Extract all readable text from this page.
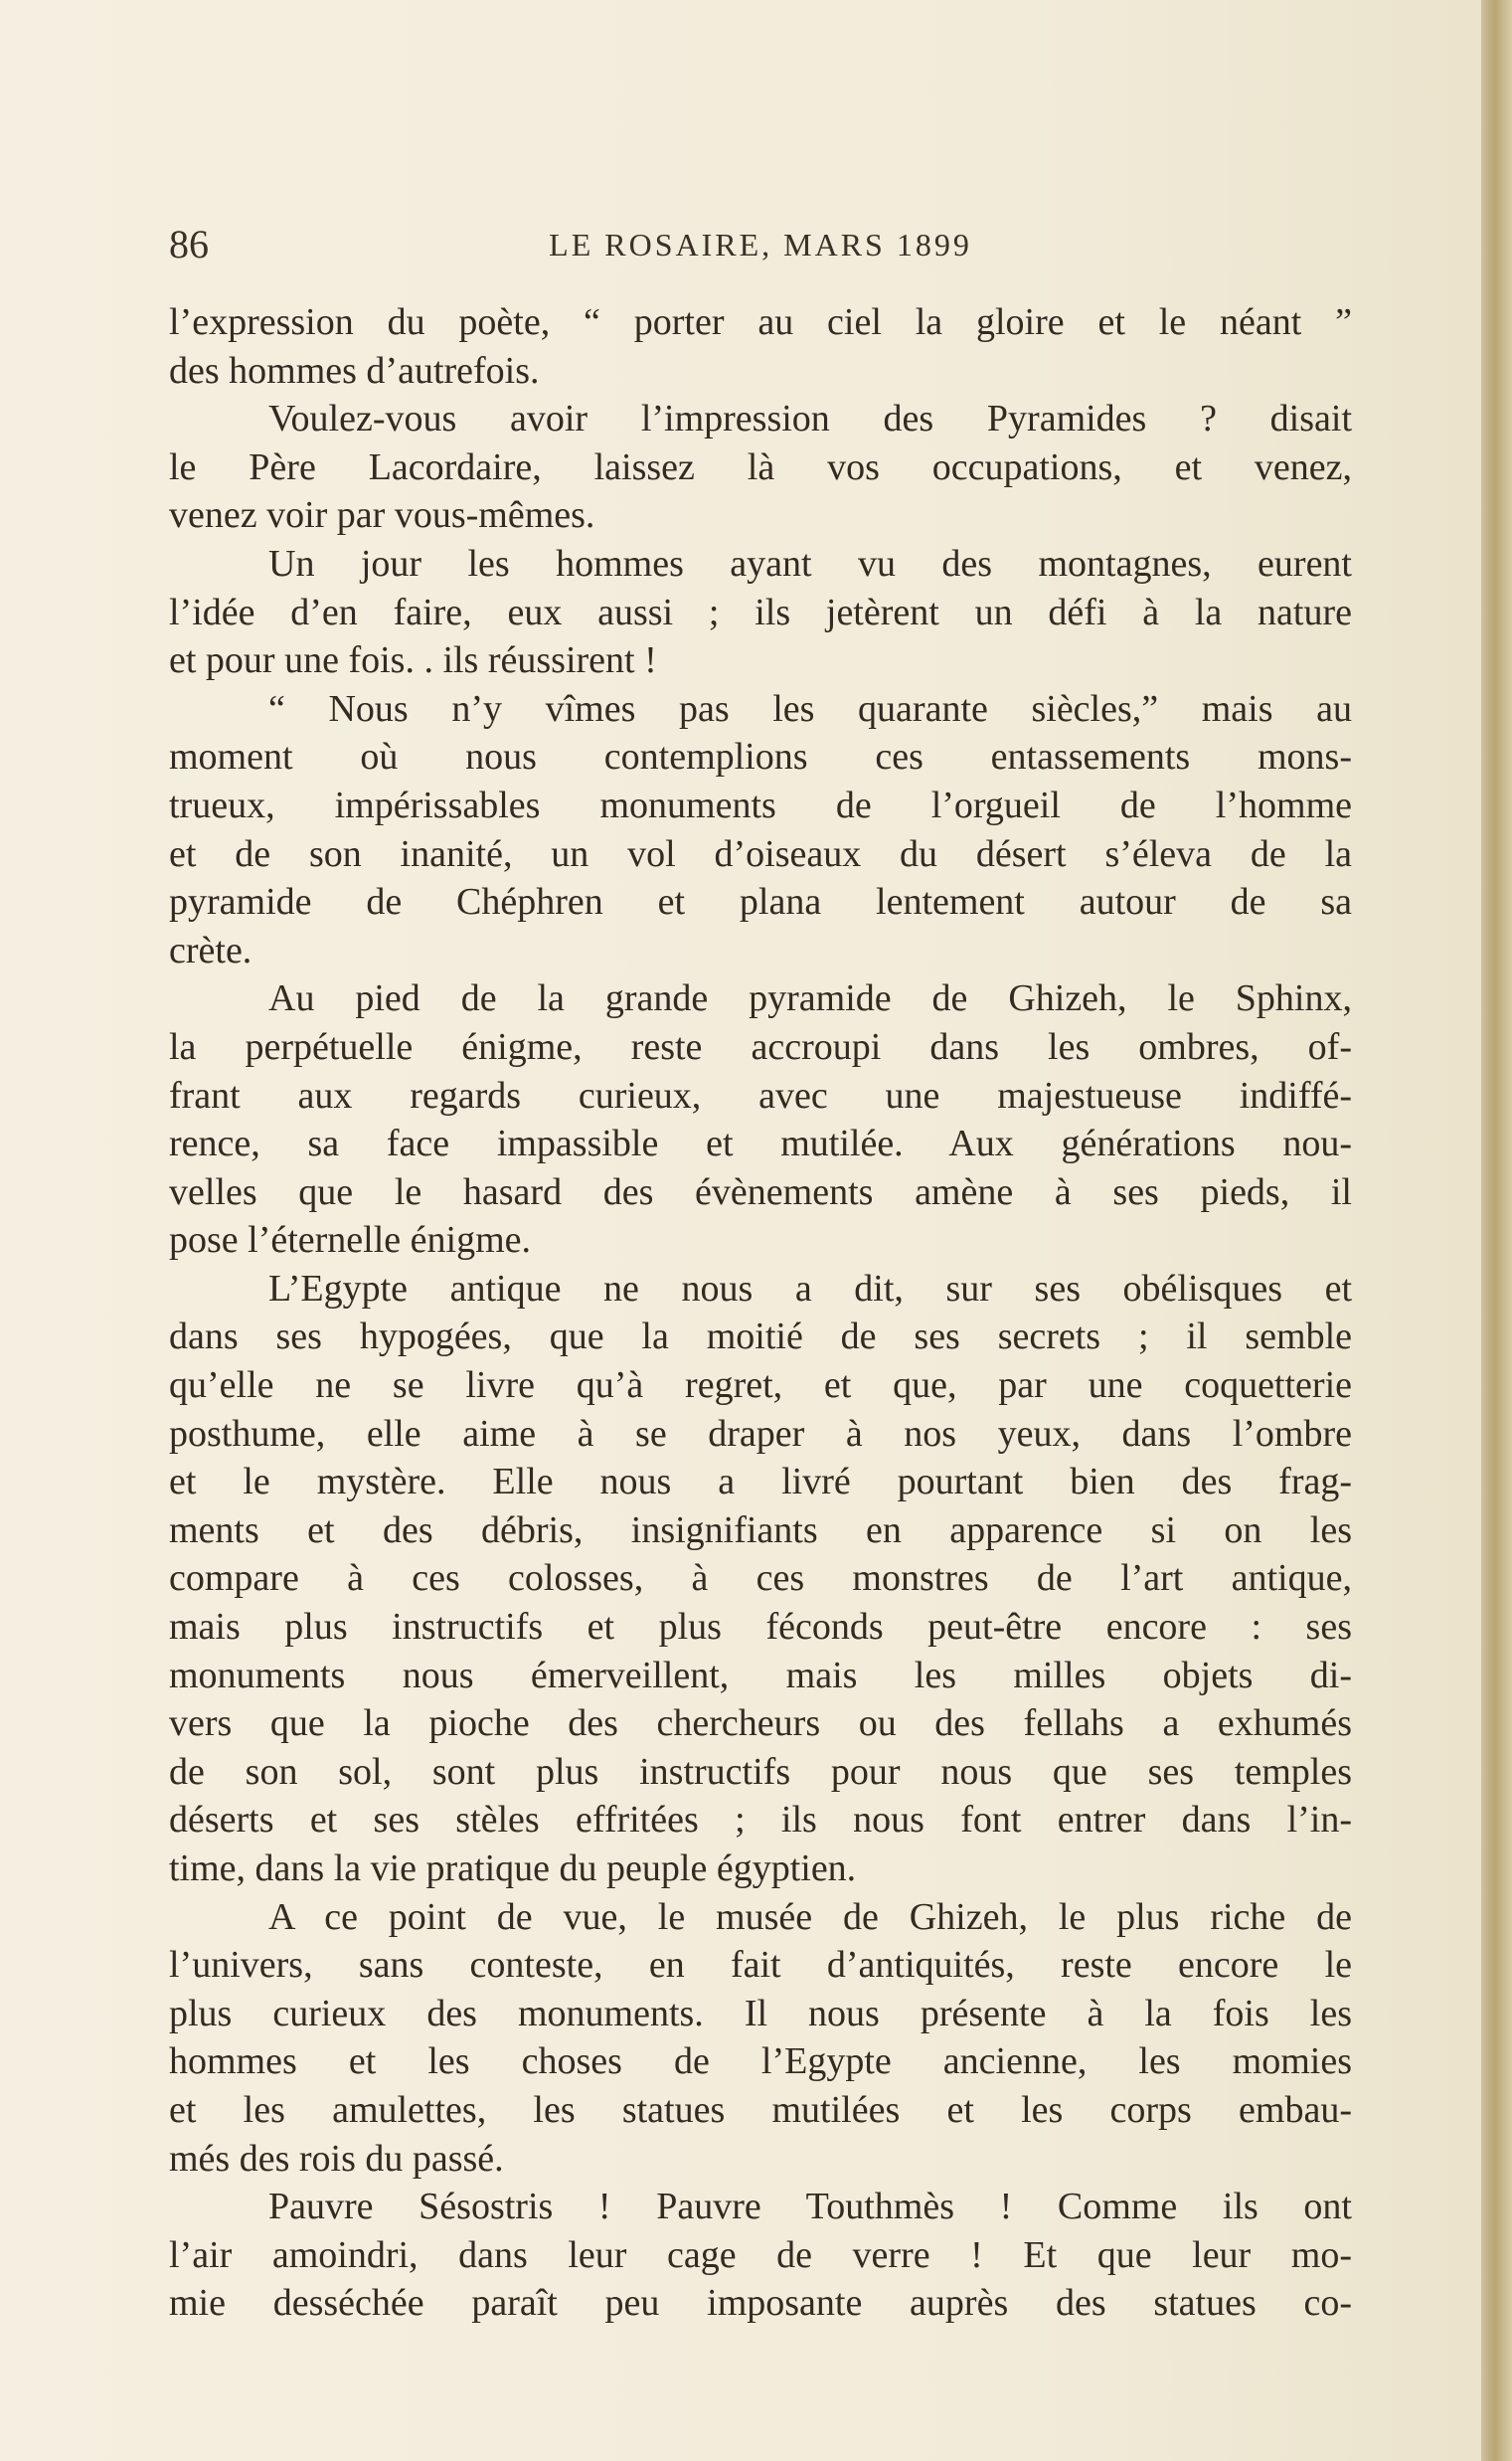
86	LE ROSAIRE, MARS 1899
l’expression du poète, “ porter au ciel la gloire et le néant ”
des hommes d’autrefois.
Voulez-vous avoir l’impression des Pyramides ? disait
le Père Lacordaire, laissez là vos occupations, et venez,
venez voir par vous-mêmes.
Un jour les hommes ayant vu des montagnes, eurent
l’idée d’en faire, eux aussi ; ils jetèrent un défi à la nature
et pour une fois. . ils réussirent !
“ Nous n’y vîmes pas les quarante siècles,” mais au
moment où nous contemplions ces entassements mons-
trueux, impérissables monuments de l’orgueil de l’homme
et de son inanité, un vol d’oiseaux du désert s’éleva de la
pyramide de Chéphren et plana lentement autour de sa
crète.
Au pied de la grande pyramide de Ghizeh, le Sphinx,
la perpétuelle énigme, reste accroupi dans les ombres, of-
frant aux regards curieux, avec une majestueuse indiffé-
rence, sa face impassible et mutilée. Aux générations nou-
velles que le hasard des évènements amène à ses pieds, il
pose l’éternelle énigme.
L’Egypte antique ne nous a dit, sur ses obélisques et
dans ses hypogées, que la moitié de ses secrets ; il semble
qu’elle ne se livre qu’à regret, et que, par une coquetterie
posthume, elle aime à se draper à nos yeux, dans l’ombre
et le mystère. Elle nous a livré pourtant bien des frag-
ments et des débris, insignifiants en apparence si on les
compare à ces colosses, à ces monstres de l’art antique,
mais plus instructifs et plus féconds peut-être encore : ses
monuments nous émerveillent, mais les milles objets di-
vers que la pioche des chercheurs ou des fellahs a exhumés
de son sol, sont plus instructifs pour nous que ses temples
déserts et ses stèles effritées ; ils nous font entrer dans l’in-
time, dans la vie pratique du peuple égyptien.
A ce point de vue, le musée de Ghizeh, le plus riche de
l’univers, sans conteste, en fait d’antiquités, reste encore le
plus curieux des monuments. Il nous présente à la fois les
hommes et les choses de l’Egypte ancienne, les momies
et les amulettes, les statues mutilées et les corps embau-
més des rois du passé.
Pauvre Sésostris ! Pauvre Touthmès ! Comme ils ont
l’air amoindri, dans leur cage de verre ! Et que leur mo-
mie desséchée paraît peu imposante auprès des statues co-
